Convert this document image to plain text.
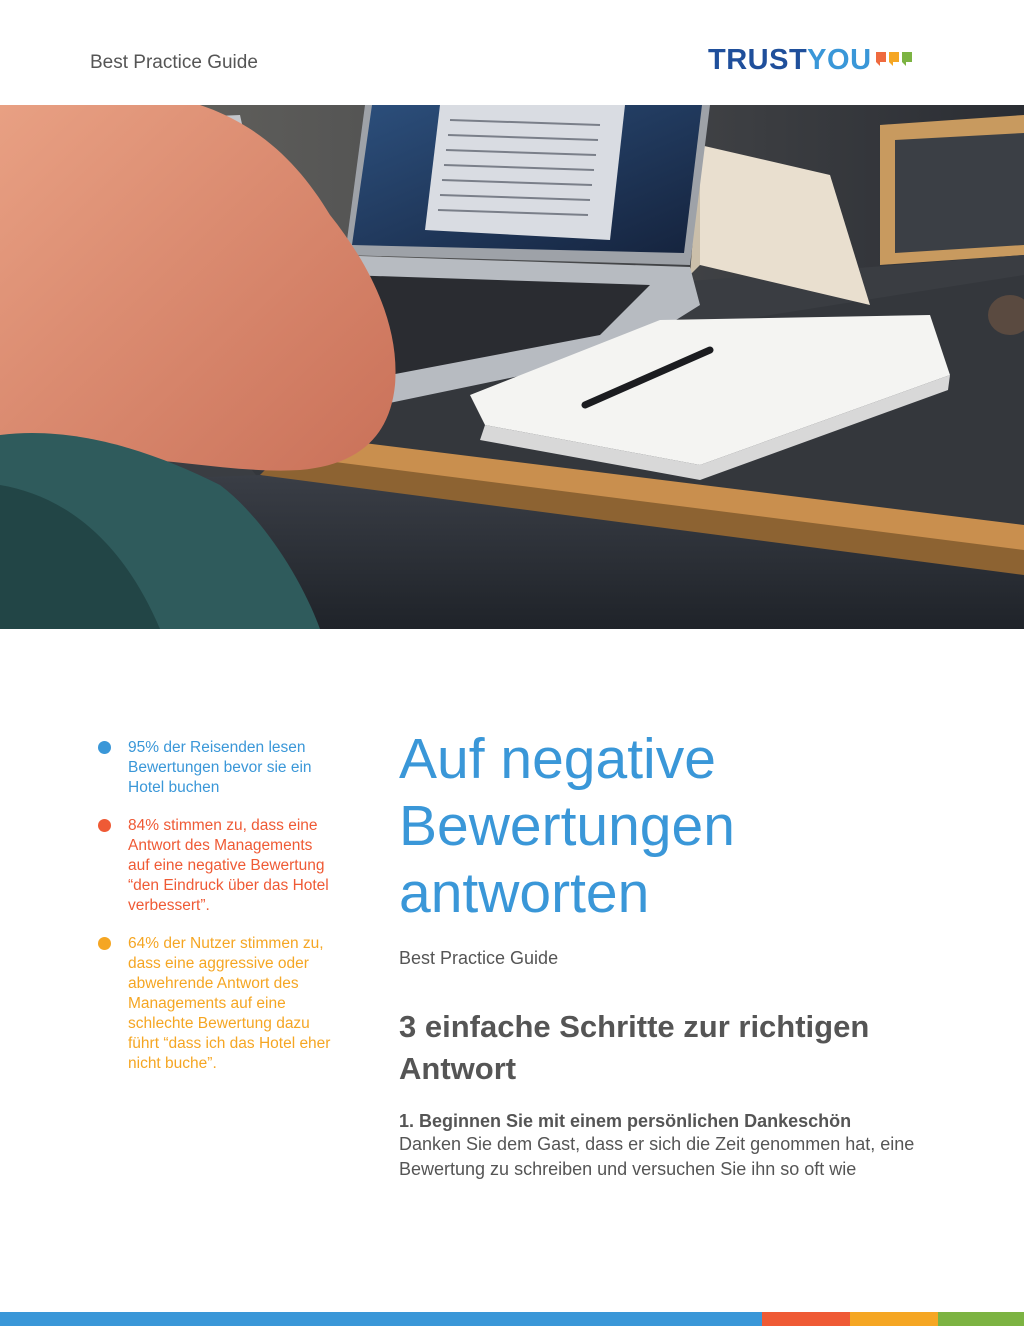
Best Practice Guide	TRUST YOU
95% der Reisenden lesen Bewertungen bevor sie ein Hotel buchen
84% stimmen zu, dass eine Antwort des Managements auf eine negative Bewertung “den Eindruck über das Hotel verbessert”.
64% der Nutzer stimmen zu, dass eine aggressive oder abwehrende Antwort des Managements auf eine schlechte Bewertung dazu führt “dass ich das Hotel eher nicht buche”.
Auf negative Bewertungen antworten
Best Practice Guide
3 einfache Schritte zur richtigen Antwort
1. Beginnen Sie mit einem persönlichen Dankeschön

Danken Sie dem Gast, dass er sich die Zeit genommen hat, eine Bewertung zu schreiben und versuchen Sie ihn so oft wie
